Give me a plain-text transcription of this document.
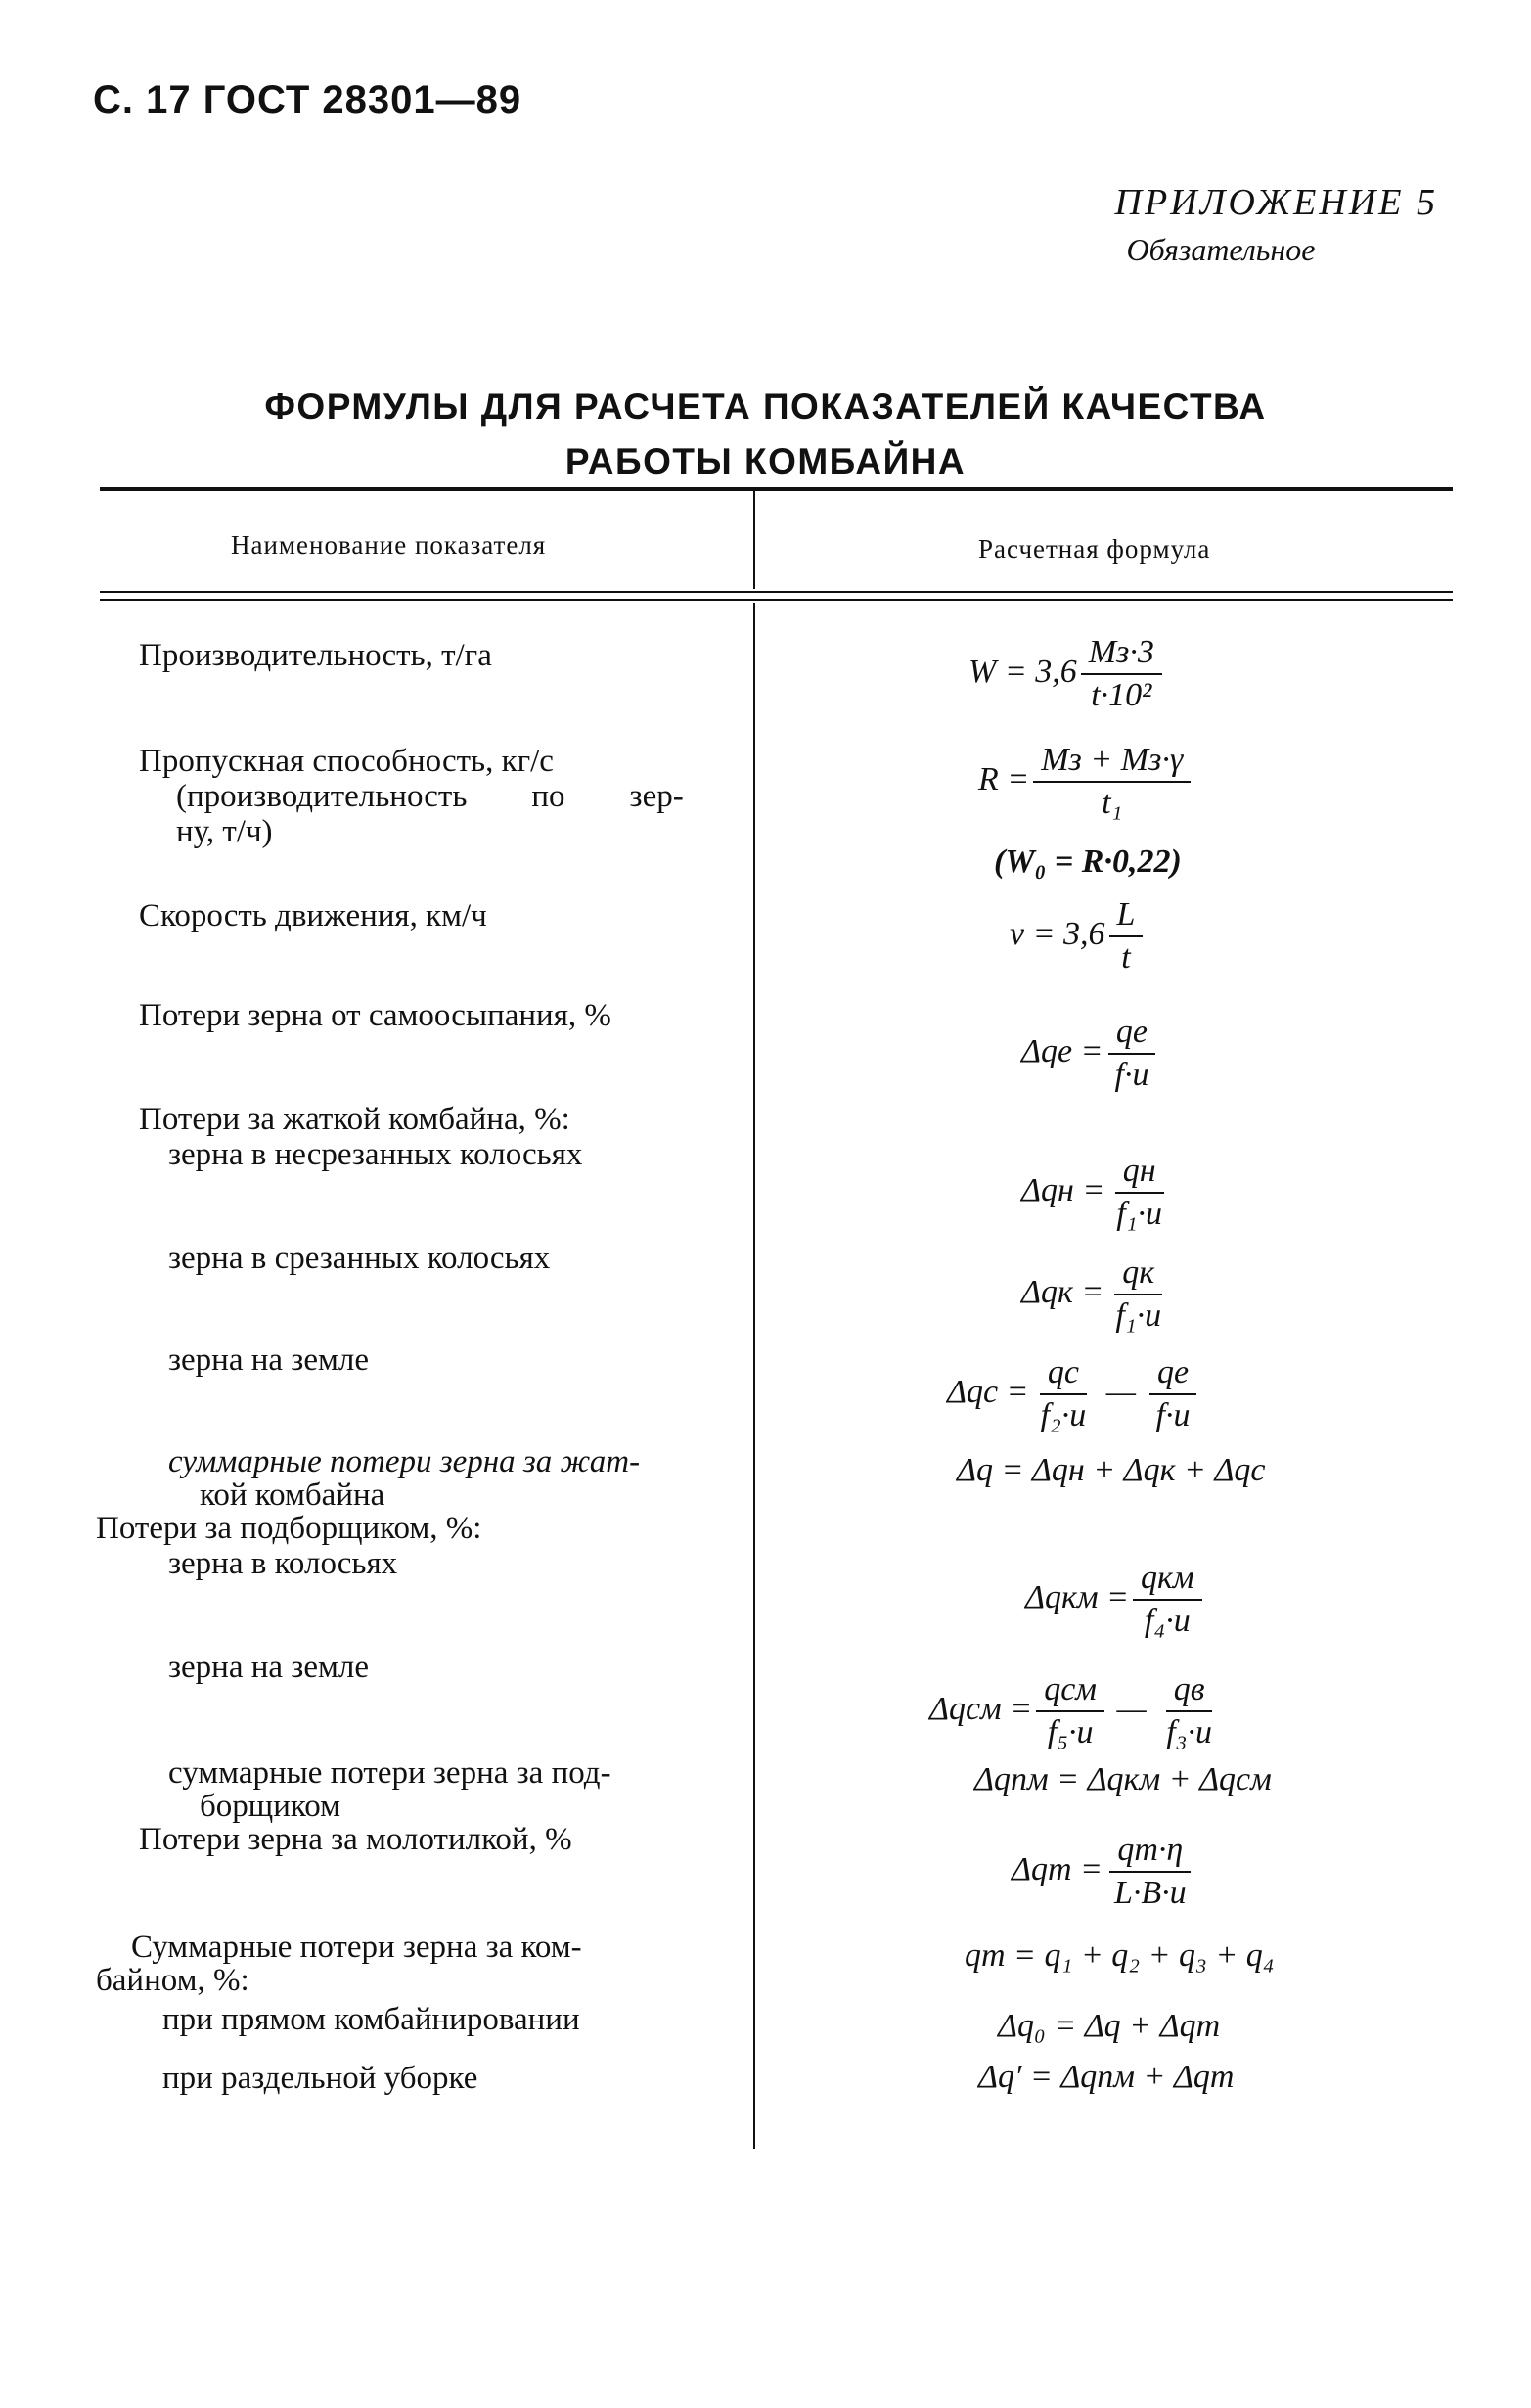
С. 17 ГОСТ 28301—89
ПРИЛОЖЕНИЕ 5
Обязательное
ФОРМУЛЫ ДЛЯ РАСЧЕТА ПОКАЗАТЕЛЕЙ КАЧЕСТВА
РАБОТЫ КОМБАЙНА
Наименование показателя	Расчетная формула
Производительность, т/га
Пропускная способность, кг/с
(производительность        по        зер-
ну, т/ч)
Скорость движения, км/ч
Потери зерна от самоосыпания, %
Потери за жаткой комбайна, %:
зерна в несрезанных колосьях
зерна в срезанных колосьях
зерна на земле
суммарные потери зерна за жат-
кой комбайна
Потери за подборщиком, %:
зерна в колосьях
зерна на земле
суммарные потери зерна за под-
борщиком
Потери зерна за молотилкой, %
Суммарные потери зерна за ком-
байном, %:
при прямом комбайнировании
при раздельной уборке
$W = 3,6 \frac{Mз\cdot 3}{\text{t·10²}}$
$R = \frac{Mз + Mз\cdot\gamma}{\text{t₁}}$
(W₀ = R·0,22)
$v = 3,6 \frac{L}{t}$
$\Delta qе = \frac{qе}{f\cdot u}$
$\Delta qн = \frac{qн}{\text{f₁·u}}$
$\Delta qк = \frac{qк}{\text{f₁·u}}$
$\Delta qс = \frac{qс}{\text{f₂·u}}$ — $\frac{qе}{f\cdot u}$
Δq = Δqн + Δqк + Δqс
$\Delta qкм = \frac{\text{qкм}}{\text{f₄·u}}$
$\Delta qсм = \frac{\text{qсм}}{\text{f₅·u}}$ — $\frac{qв}{\text{f₃·u}}$
Δqпм = Δqкм + Δqсм
$\Delta qm = \frac{qm\cdot\eta}{L\cdot B\cdot u}$
qm = q₁ + q₂ + q₃ + q₄
Δq₀ = Δq + Δqm
Δq′ = Δqпм + Δqm
